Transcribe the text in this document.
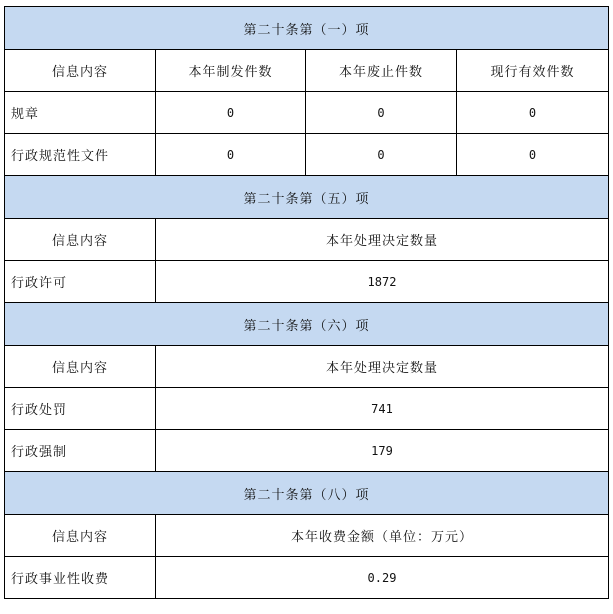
第二十条第（一）项			
信息内容	本年制发件数	本年废止件数	现行有效件数
规章	0	0	0
行政规范性文件	0	0	0
第二十条第（五）项			
信息内容	本年处理决定数量		
行政许可	1872		
第二十条第（六）项			
信息内容	本年处理决定数量		
行政处罚	741		
行政强制	179		
第二十条第（八）项			
信息内容	本年收费金额（单位：万元）		
行政事业性收费	0.29		
